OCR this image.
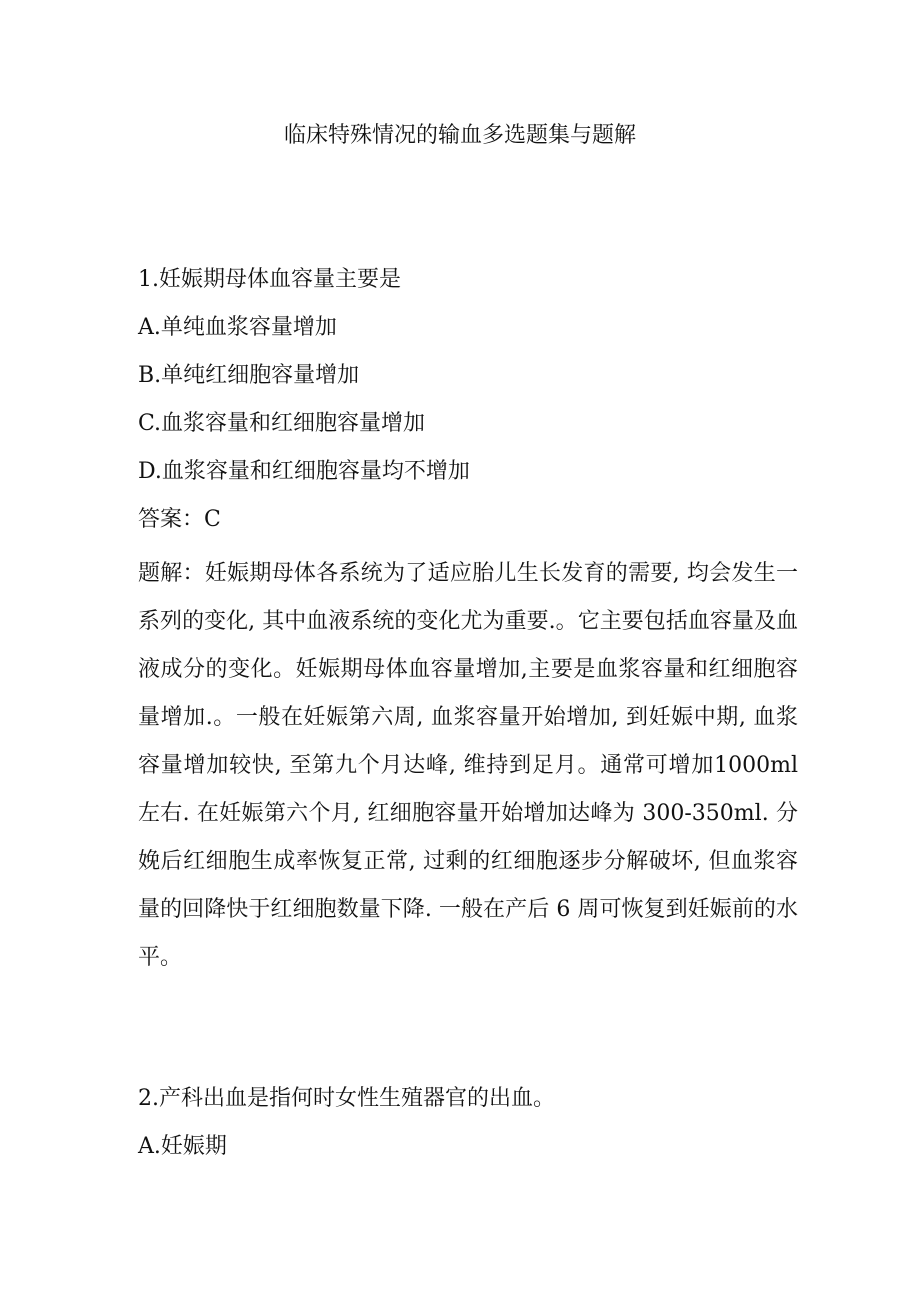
临床特殊情况的输血多选题集与题解
1.妊娠期母体血容量主要是
A.单纯血浆容量增加
B.单纯红细胞容量增加
C.血浆容量和红细胞容量增加
D.血浆容量和红细胞容量均不增加
答案：C
题解：妊娠期母体各系统为了适应胎儿生长发育的需要, 均会发生一系列的变化, 其中血液系统的变化尤为重要.。它主要包括血容量及血液成分的变化。妊娠期母体血容量增加,主要是血浆容量和红细胞容量增加.。一般在妊娠第六周, 血浆容量开始增加, 到妊娠中期, 血浆容量增加较快, 至第九个月达峰, 维持到足月。通常可增加1000ml左右. 在妊娠第六个月, 红细胞容量开始增加达峰为 300-350ml. 分娩后红细胞生成率恢复正常, 过剩的红细胞逐步分解破坏, 但血浆容量的回降快于红细胞数量下降. 一般在产后 6 周可恢复到妊娠前的水平。
2.产科出血是指何时女性生殖器官的出血。
A.妊娠期
